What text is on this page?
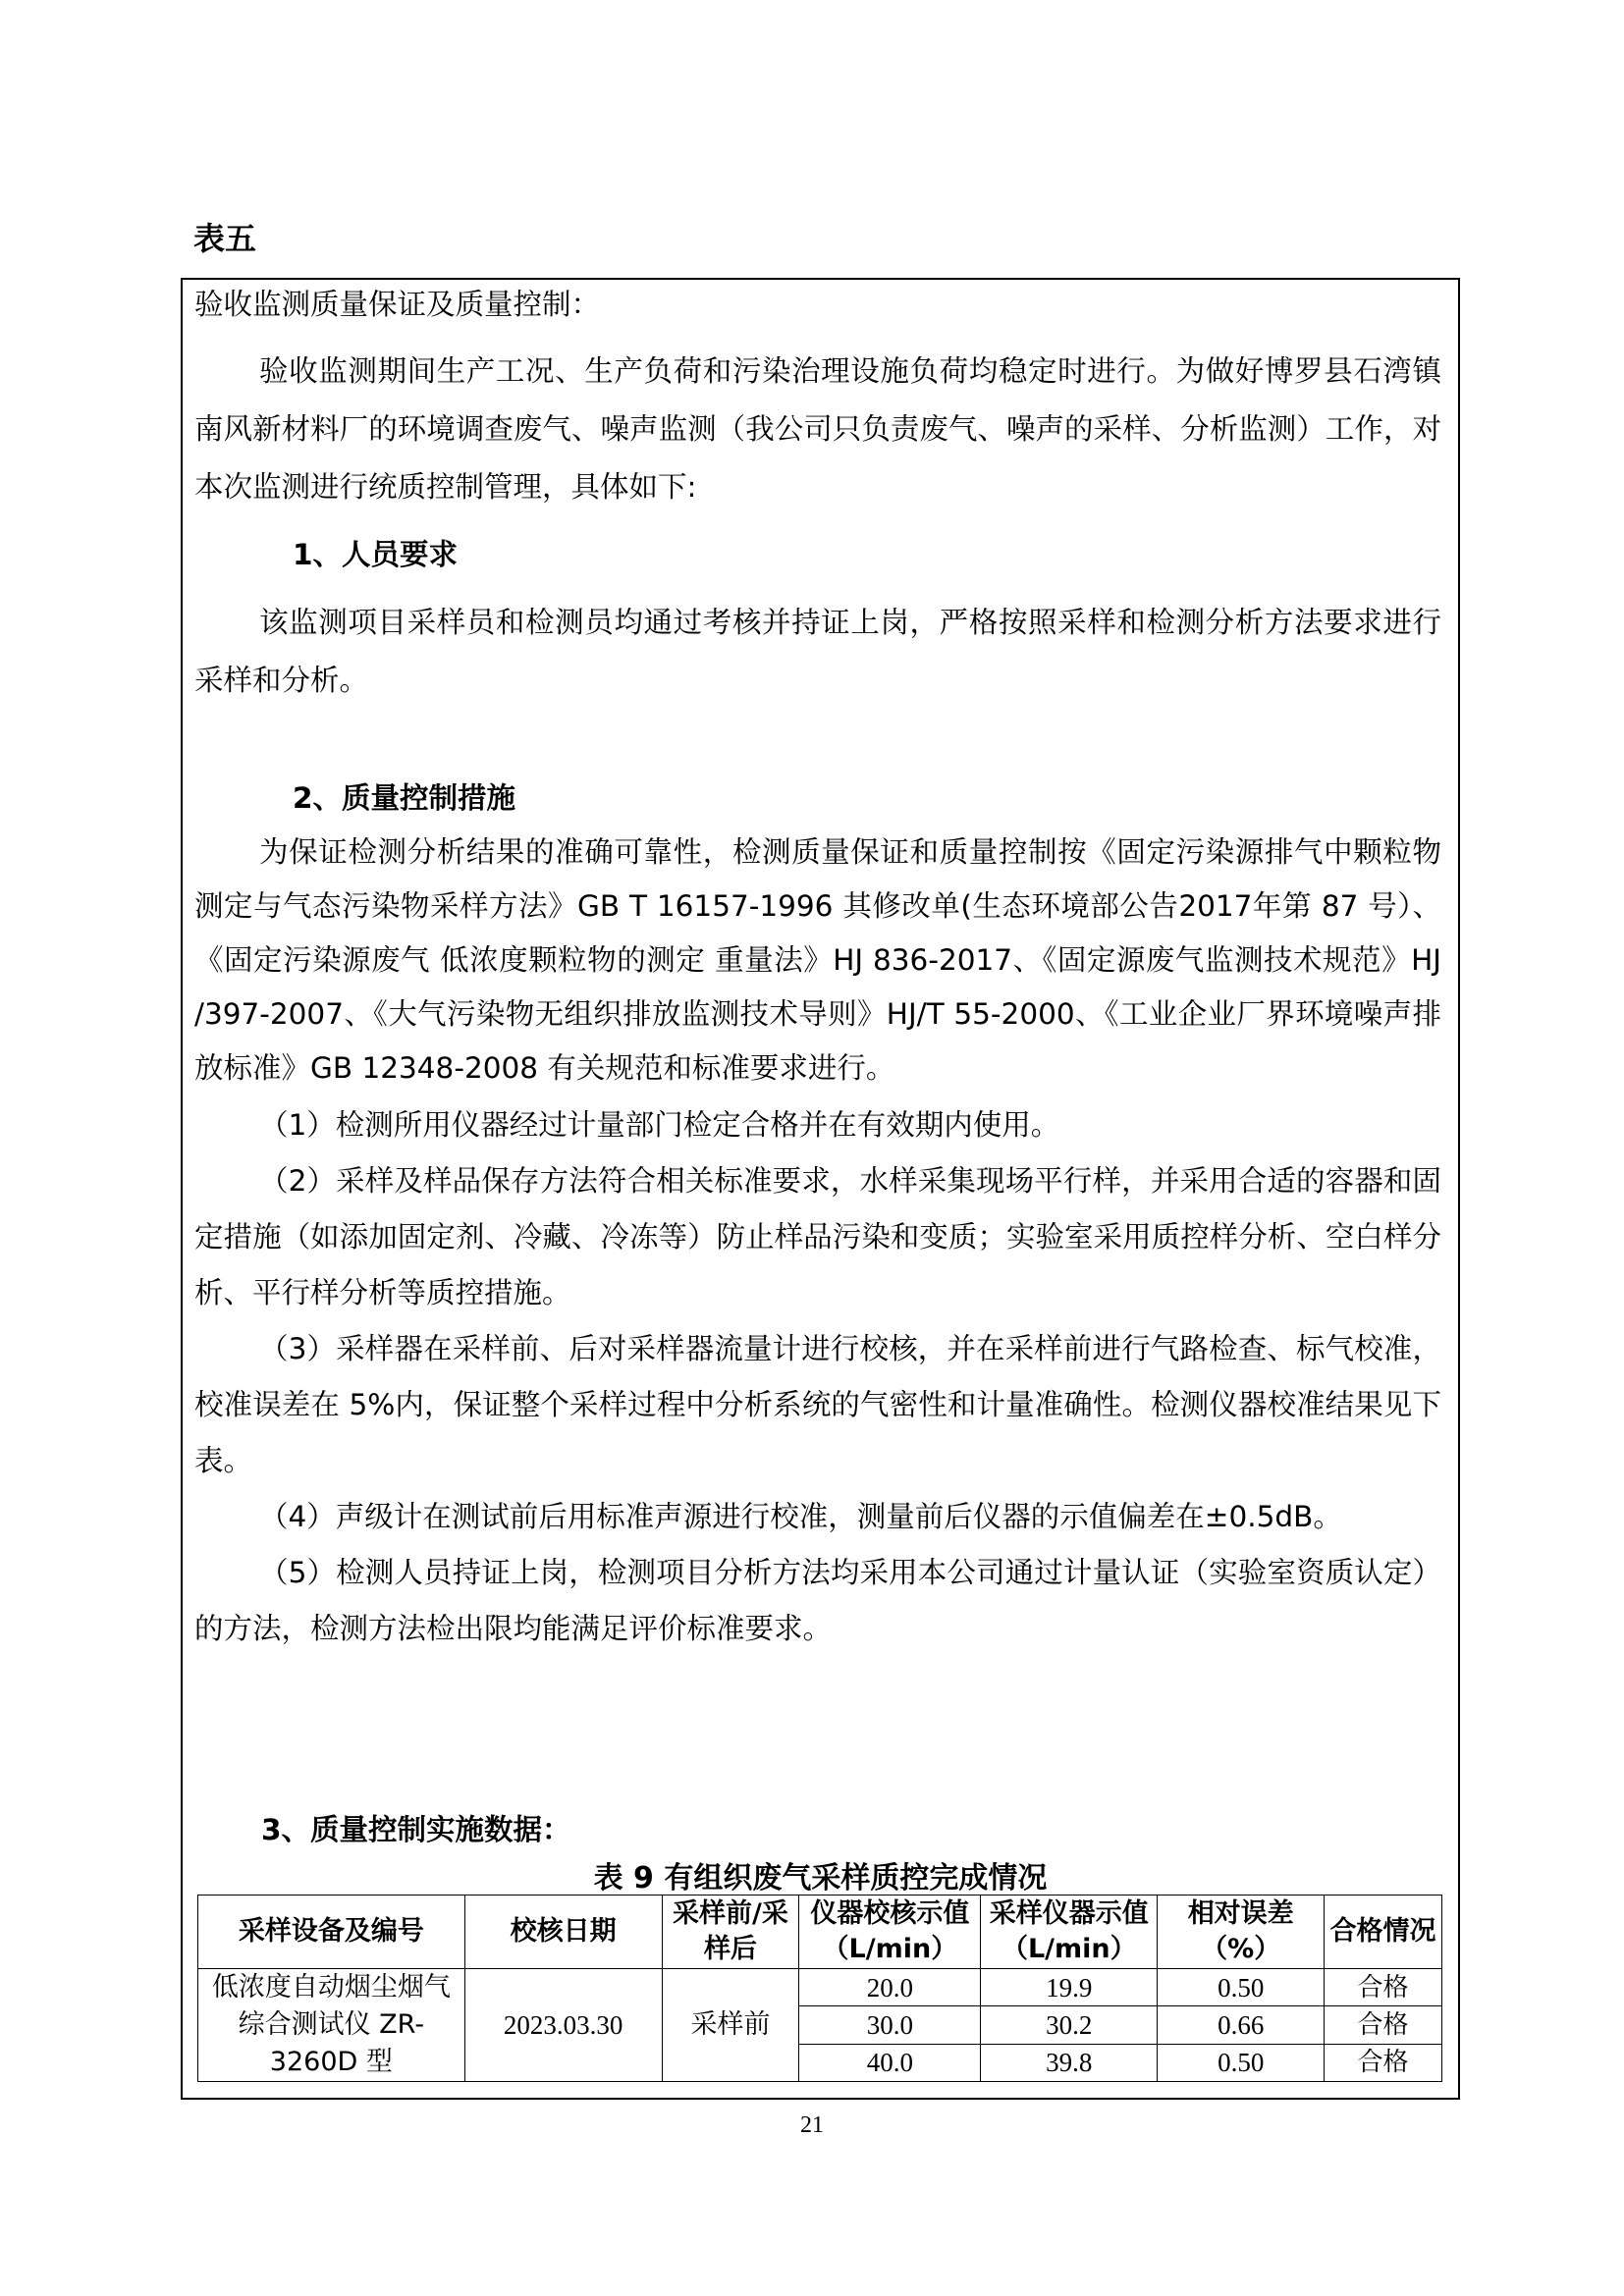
表五

验收监测质量保证及质量控制：

验收监测期间生产工况、生产负荷和污染治理设施负荷均稳定时进行。为做好博罗县石湾镇南风新材料厂的环境调查废气、噪声监测（我公司只负责废气、噪声的采样、分析监测）工作，对本次监测进行统质控制管理，具体如下:

1、人员要求

该监测项目采样员和检测员均通过考核并持证上岗，严格按照采样和检测分析方法要求进行采样和分析。

2、质量控制措施

为保证检测分析结果的准确可靠性，检测质量保证和质量控制按《固定污染源排气中颗粒物测定与气态污染物采样方法》GB T 16157-1996 其修改单(生态环境部公告2017年第 87 号）、《固定污染源废气 低浓度颗粒物的测定 重量法》HJ 836-2017、《固定源废气监测技术规范》HJ /397-2007、《大气污染物无组织排放监测技术导则》HJ/T 55-2000、《工业企业厂界环境噪声排放标准》GB 12348-2008 有关规范和标准要求进行。

（1）检测所用仪器经过计量部门检定合格并在有效期内使用。

（2）采样及样品保存方法符合相关标准要求，水样采集现场平行样，并采用合适的容器和固定措施（如添加固定剂、冷藏、冷冻等）防止样品污染和变质；实验室采用质控样分析、空白样分析、平行样分析等质控措施。

（3）采样器在采样前、后对采样器流量计进行校核，并在采样前进行气路检查、标气校准，校准误差在 5%内，保证整个采样过程中分析系统的气密性和计量准确性。检测仪器校准结果见下表。

（4）声级计在测试前后用标准声源进行校准，测量前后仪器的示值偏差在±0.5dB。

（5）检测人员持证上岗，检测项目分析方法均采用本公司通过计量认证（实验室资质认定）的方法，检测方法检出限均能满足评价标准要求。

3、质量控制实施数据：

表 9 有组织废气采样质控完成情况
采样设备及编号	校核日期	采样前/采样后	仪器校核示值（L/min）	采样仪器示值（L/min）	相对误差（%）	合格情况
低浓度自动烟尘烟气综合测试仪 ZR-3260D 型	2023.03.30	采样前	20.0	19.9	0.50	合格
			30.0	30.2	0.66	合格
			40.0	39.8	0.50	合格
21
